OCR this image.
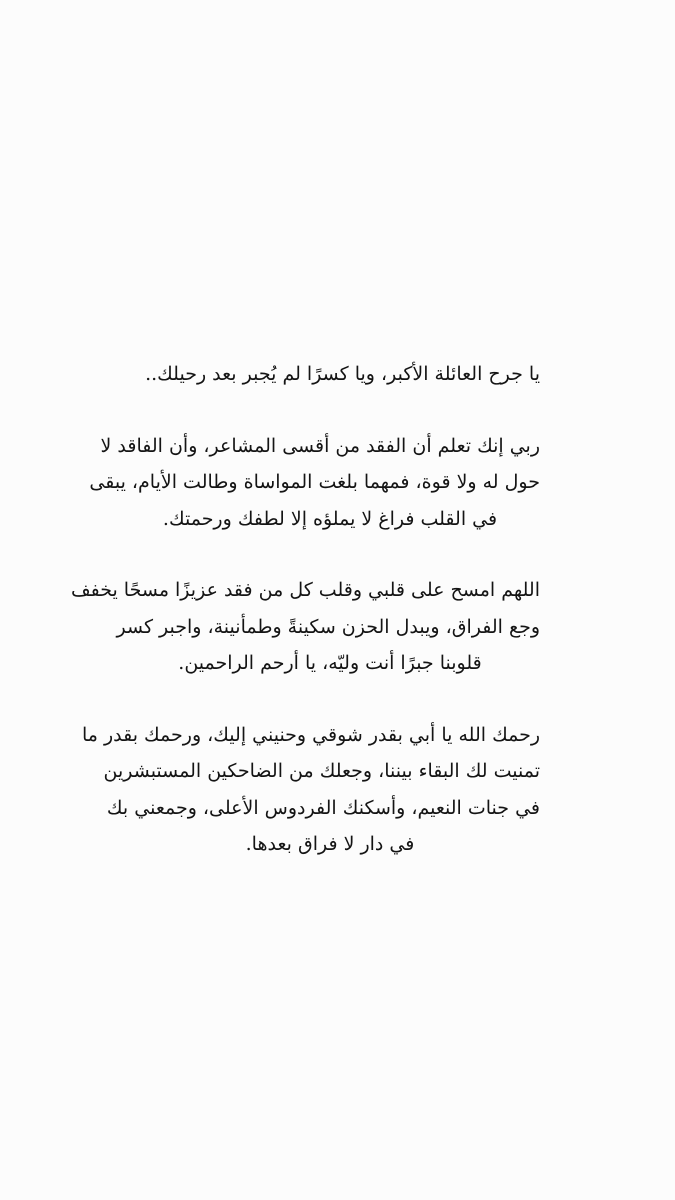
يا جرح العائلة الأكبر، ويا كسرًا لم يُجبر بعد رحيلك..

ربي إنك تعلم أن الفقد من أقسى المشاعر، وأن الفاقد لا
حول له ولا قوة، فمهما بلغت المواساة وطالت الأيام، يبقى
في القلب فراغ لا يملؤه إلا لطفك ورحمتك.

اللهم امسح على قلبي وقلب كل من فقد عزيزًا مسحًا يخفف
وجع الفراق، ويبدل الحزن سكينةً وطمأنينة، واجبر كسر
قلوبنا جبرًا أنت وليّه، يا أرحم الراحمين.

رحمك الله يا أبي بقدر شوقي وحنيني إليك، ورحمك بقدر ما
تمنيت لك البقاء بيننا، وجعلك من الضاحكين المستبشرين
في جنات النعيم، وأسكنك الفردوس الأعلى، وجمعني بك
في دار لا فراق بعدها.
